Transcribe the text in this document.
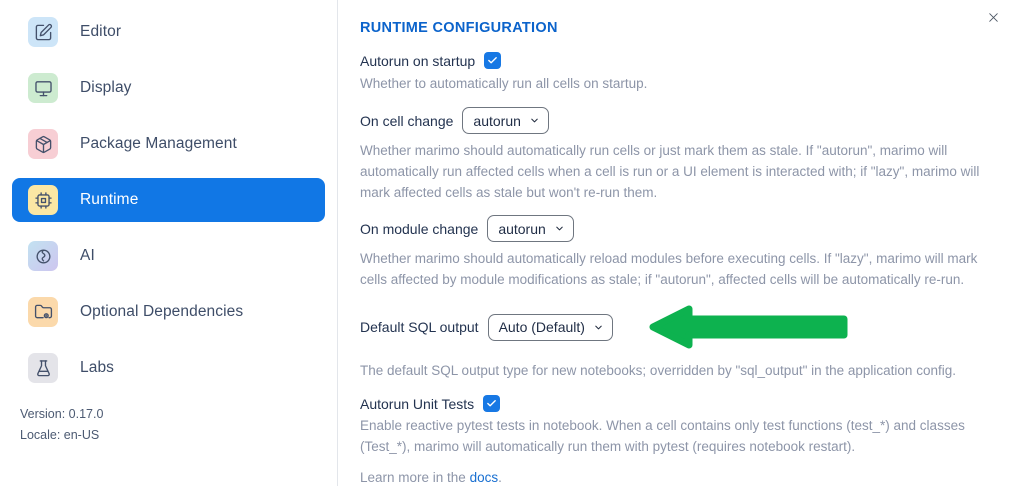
Editor
Display
Package Management
Runtime
AI
Optional Dependencies
Labs
Version: 0.17.0
Locale: en-US
RUNTIME CONFIGURATION
Autorun on startup

Whether to automatically run all cells on startup.

On cell change autorun

Whether marimo should automatically run cells or just mark them as stale. If "autorun", marimo will automatically run affected cells when a cell is run or a UI element is interacted with; if "lazy", marimo will mark affected cells as stale but won't re-run them.

On module change autorun

Whether marimo should automatically reload modules before executing cells. If "lazy", marimo will mark cells affected by module modifications as stale; if "autorun", affected cells will be automatically re-run.

Default SQL output Auto (Default)

The default SQL output type for new notebooks; overridden by "sql_output" in the application config.

Autorun Unit Tests

Enable reactive pytest tests in notebook. When a cell contains only test functions (test_*) and classes (Test_*), marimo will automatically run them with pytest (requires notebook restart).

Learn more in the docs.
